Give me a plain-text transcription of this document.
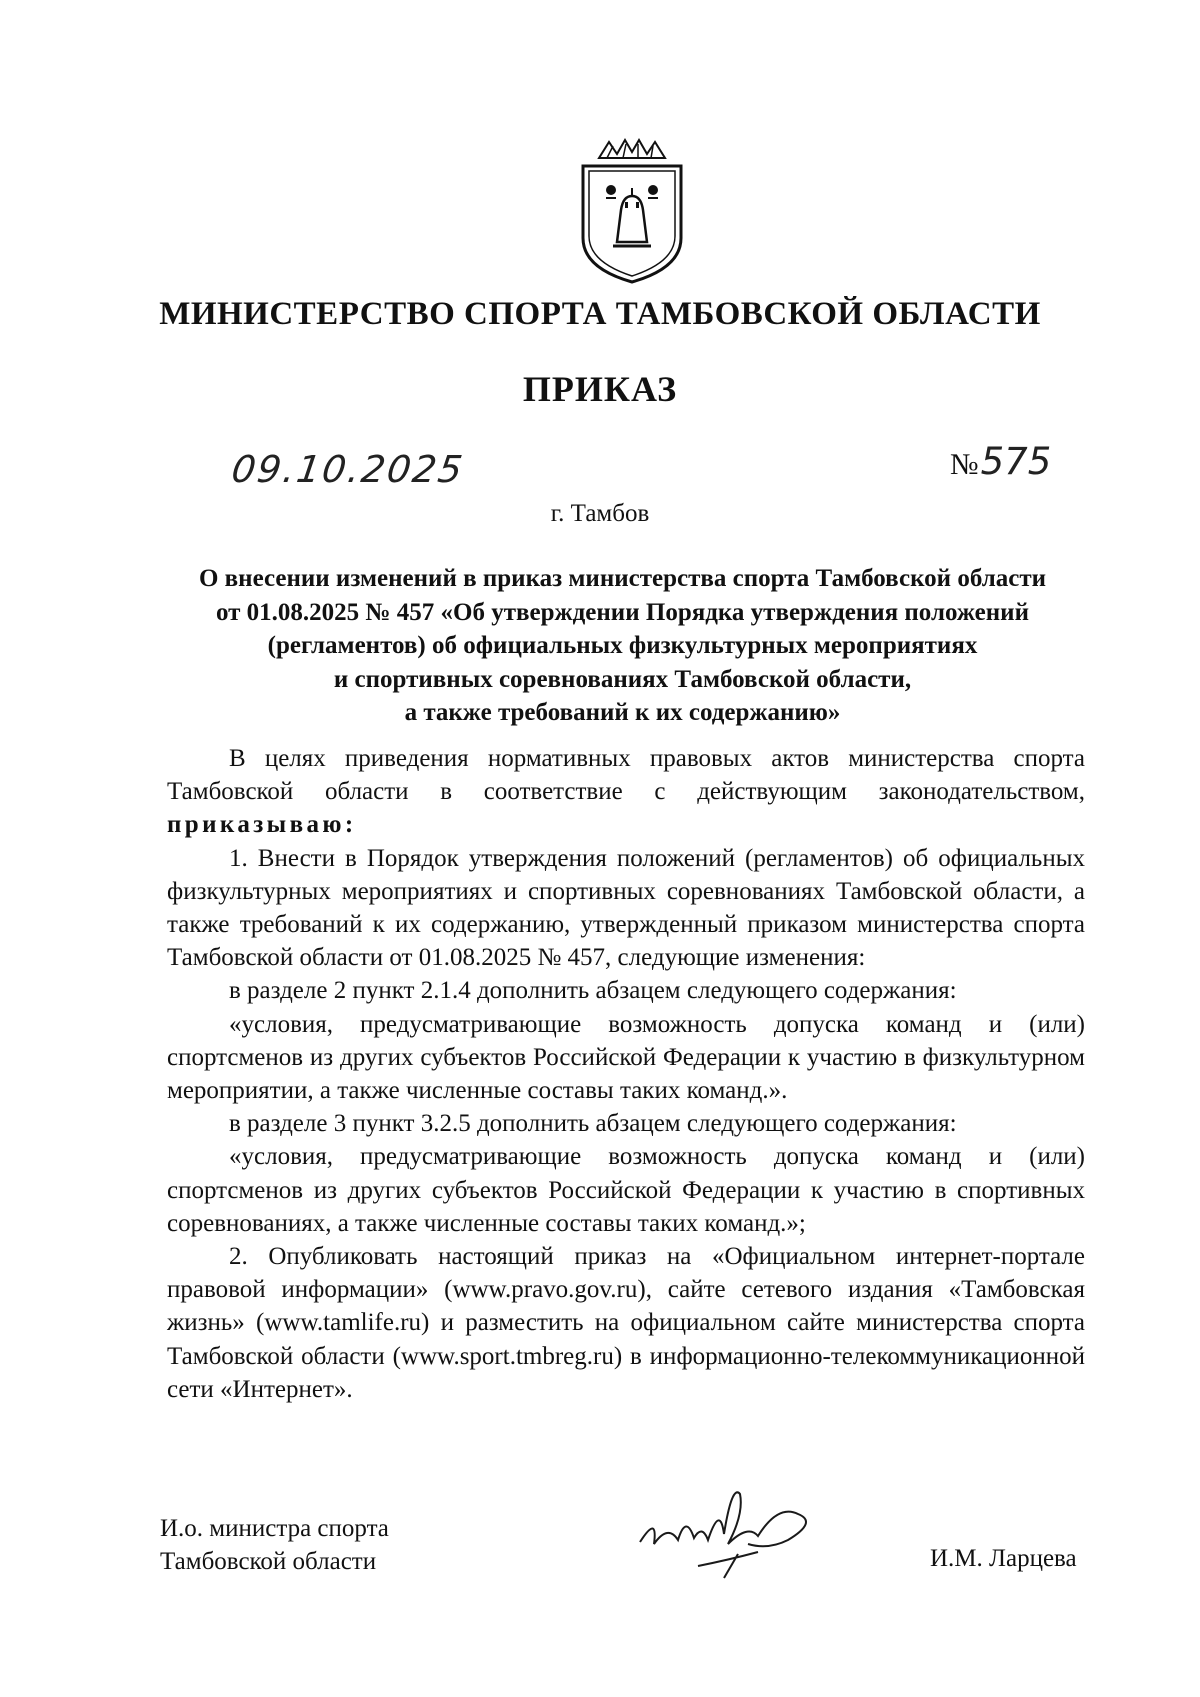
МИНИСТЕРСТВО СПОРТА ТАМБОВСКОЙ ОБЛАСТИ
ПРИКАЗ
09.10.2025	№575
г. Тамбов
О внесении изменений в приказ министерства спорта Тамбовской области
от 01.08.2025 № 457 «Об утверждении Порядка утверждения положений
(регламентов) об официальных физкультурных мероприятиях
и спортивных соревнованиях Тамбовской области,
а также требований к их содержанию»

В целях приведения нормативных правовых актов министерства спорта Тамбовской области в соответствие с действующим законодательством, приказываю:

1. Внести в Порядок утверждения положений (регламентов) об официальных физкультурных мероприятиях и спортивных соревнованиях Тамбовской области, а также требований к их содержанию, утвержденный приказом министерства спорта Тамбовской области от 01.08.2025 № 457, следующие изменения:

в разделе 2 пункт 2.1.4 дополнить абзацем следующего содержания:

«условия, предусматривающие возможность допуска команд и (или) спортсменов из других субъектов Российской Федерации к участию в физкультурном мероприятии, а также численные составы таких команд.».

в разделе 3 пункт 3.2.5 дополнить абзацем следующего содержания:

«условия, предусматривающие возможность допуска команд и (или) спортсменов из других субъектов Российской Федерации к участию в спортивных соревнованиях, а также численные составы таких команд.»;

2. Опубликовать настоящий приказ на «Официальном интернет-портале правовой информации» (www.pravo.gov.ru), сайте сетевого издания «Тамбовская жизнь» (www.tamlife.ru) и разместить на официальном сайте министерства спорта Тамбовской области (www.sport.tmbreg.ru) в информационно-телекоммуникационной сети «Интернет».

И.о. министра спорта
Тамбовской области	И.М. Ларцева
